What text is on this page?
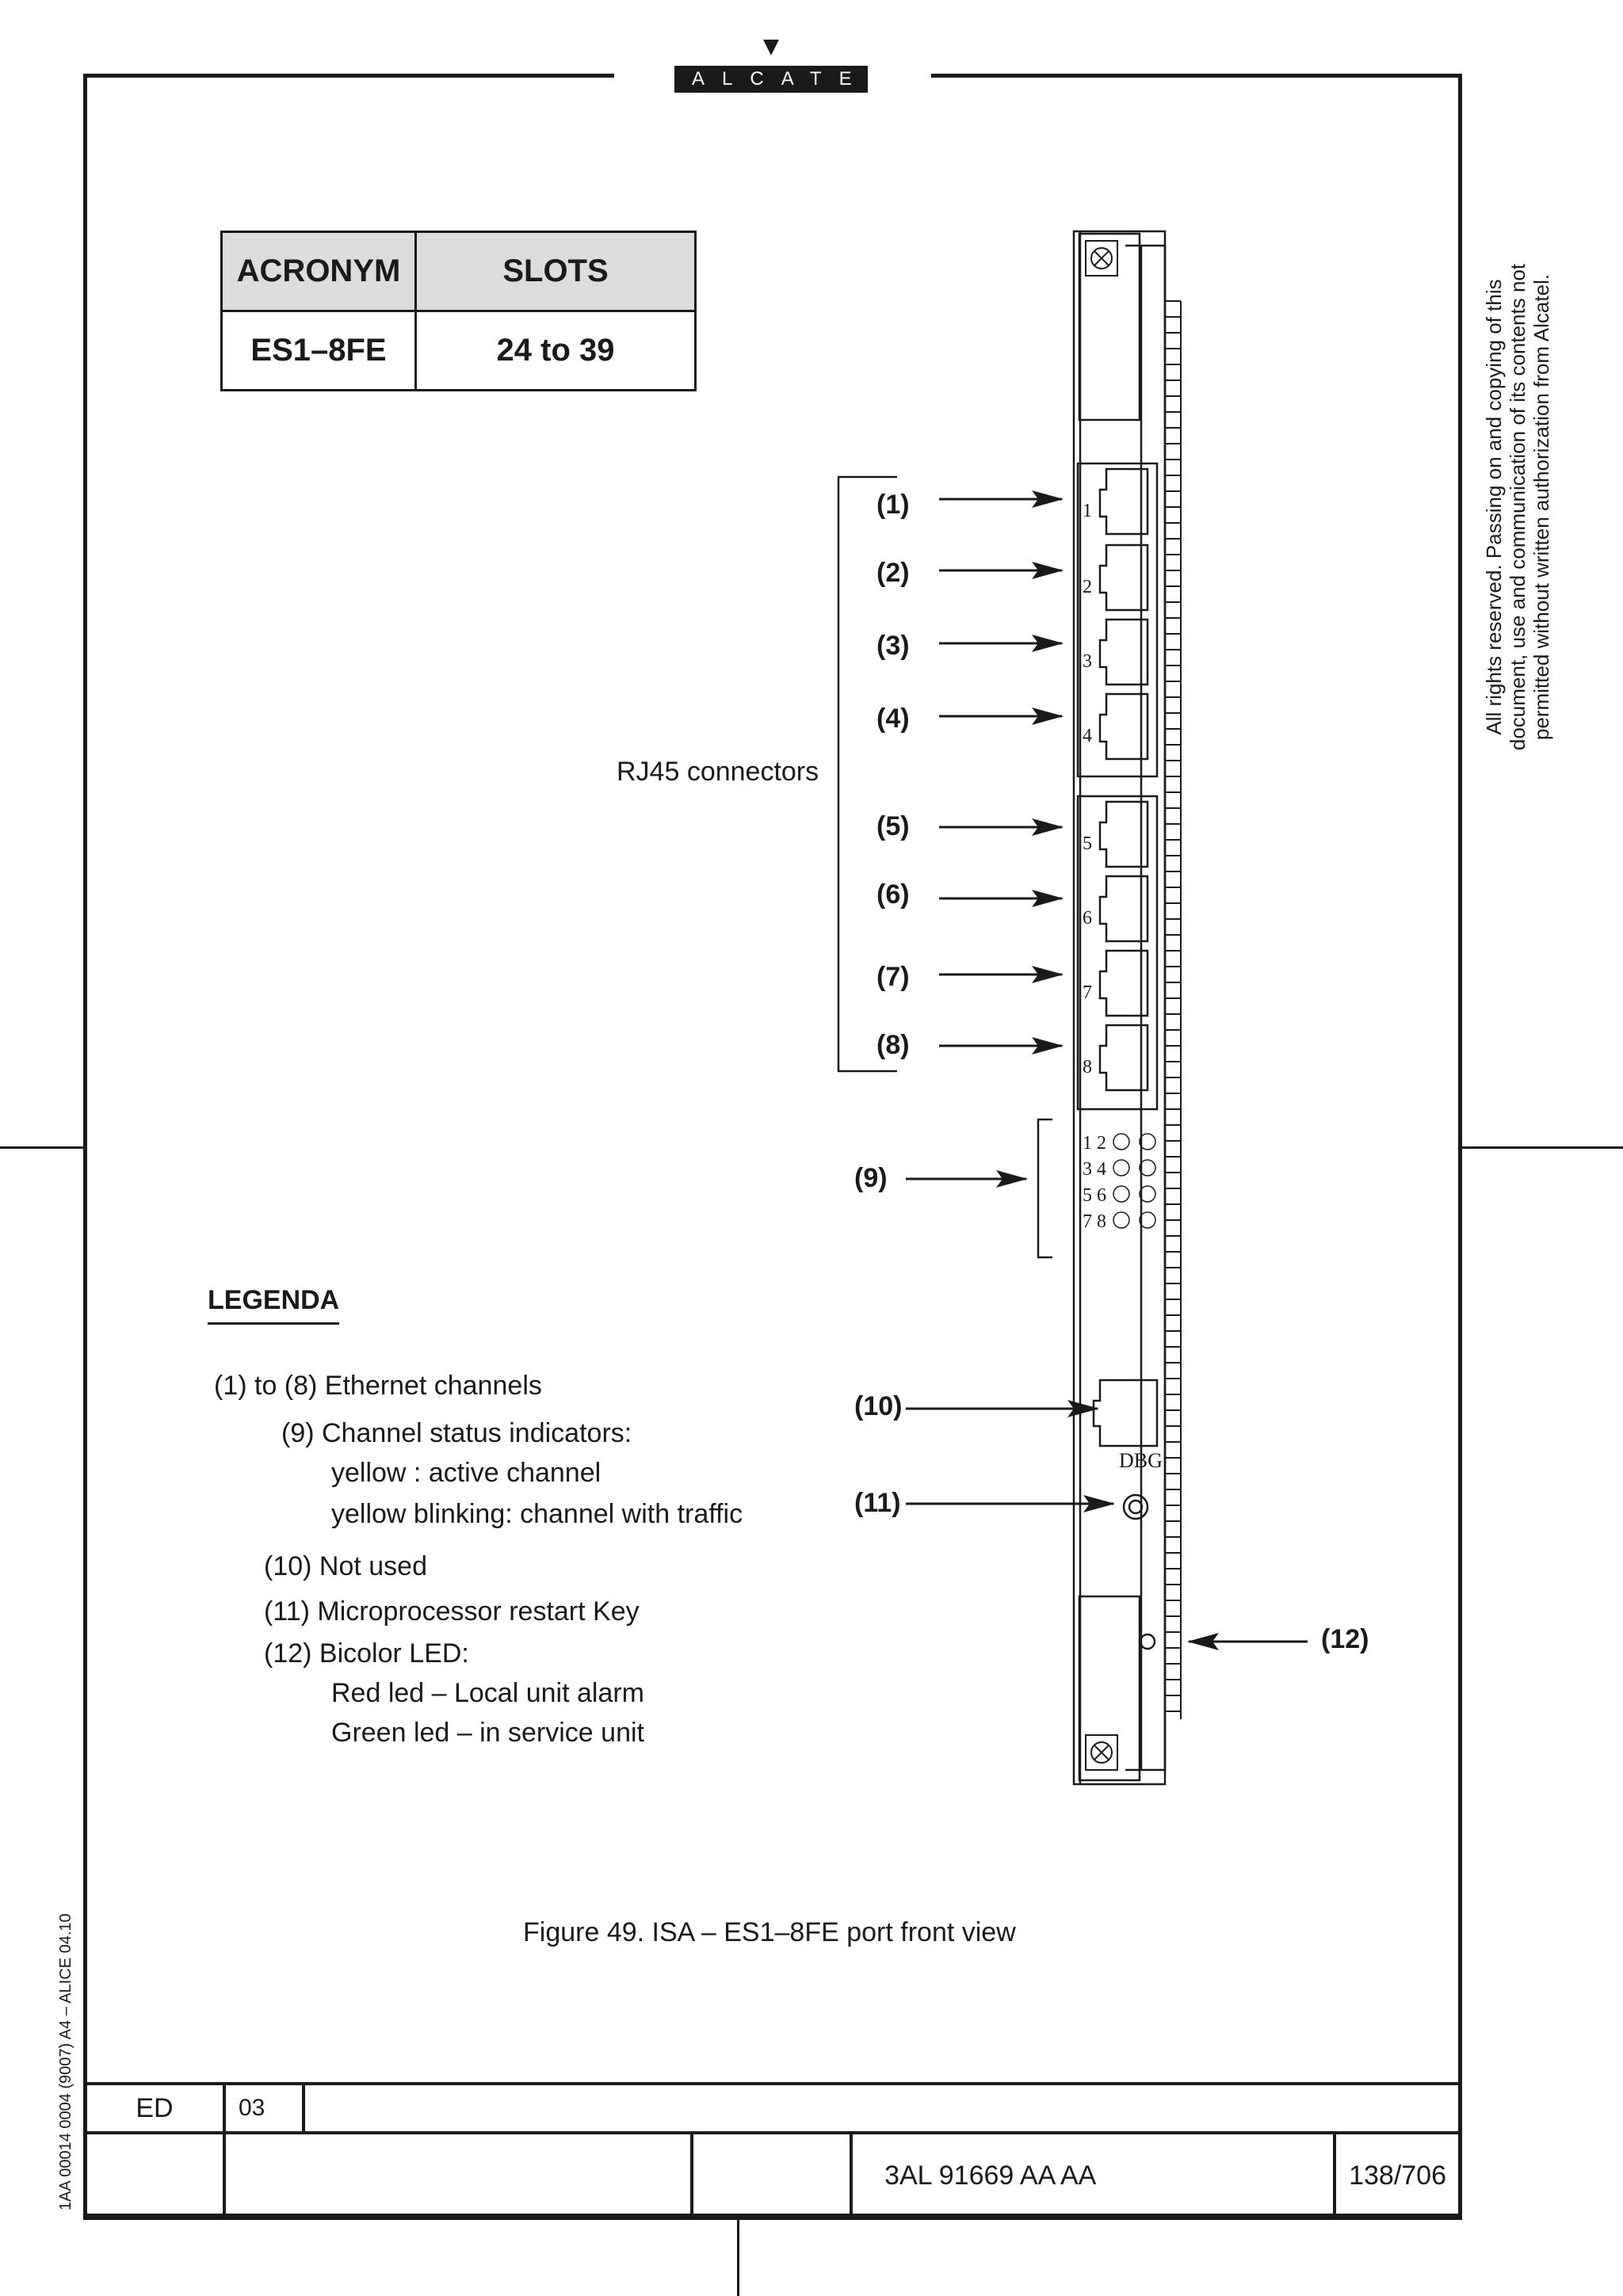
ALCATEL
ACRONYM	SLOTS
ES1–8FE	24 to 39
1
2
3
4
5
6
7
8
1 2
3 4
5 6
7 8
DBG
(1)
(2)
(3)
(4)
(5)
(6)
(7)
(8)
(9)
(10)
(11)
(12)
RJ45 connectors
LEGENDA
(1) to (8) Ethernet channels
(9) Channel status indicators:
yellow : active channel
yellow blinking: channel with traffic
(10) Not used
(11) Microprocessor restart Key
(12) Bicolor LED:
Red led – Local unit alarm
Green led – in service unit
Figure 49. ISA – ES1–8FE port front view
All rights reserved. Passing on and copying of this document, use and communication of its contents not permitted without written authorization from Alcatel.
1AA 00014 0004 (9007) A4 – ALICE 04.10 ED	03				
				3AL 91669 AA AA	138/706
